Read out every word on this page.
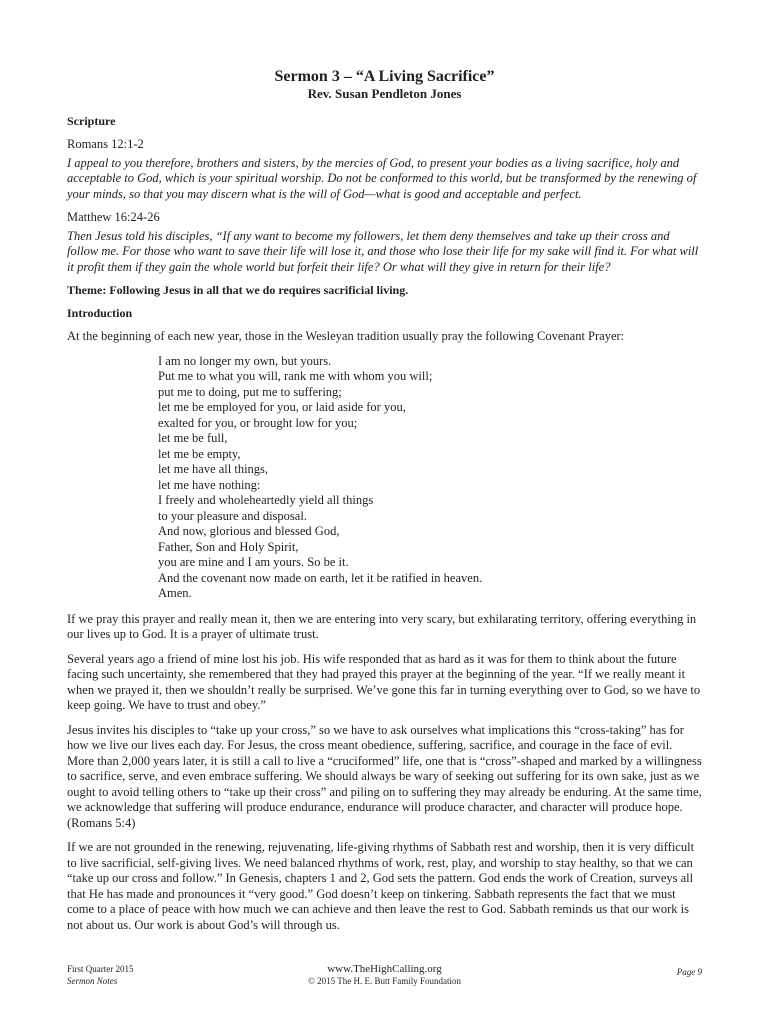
Sermon 3 – “A Living Sacrifice”
Rev. Susan Pendleton Jones
Scripture
Romans 12:1-2
I appeal to you therefore, brothers and sisters, by the mercies of God, to present your bodies as a living sacrifice, holy and acceptable to God, which is your spiritual worship. Do not be conformed to this world, but be transformed by the renewing of your minds, so that you may discern what is the will of God—what is good and acceptable and perfect.
Matthew 16:24-26
Then Jesus told his disciples, “If any want to become my followers, let them deny themselves and take up their cross and follow me. For those who want to save their life will lose it, and those who lose their life for my sake will find it. For what will it profit them if they gain the whole world but forfeit their life? Or what will they give in return for their life?
Theme: Following Jesus in all that we do requires sacrificial living.
Introduction
At the beginning of each new year, those in the Wesleyan tradition usually pray the following Covenant Prayer:
I am no longer my own, but yours.
Put me to what you will, rank me with whom you will;
put me to doing, put me to suffering;
let me be employed for you, or laid aside for you,
exalted for you, or brought low for you;
let me be full,
let me be empty,
let me have all things,
let me have nothing:
I freely and wholeheartedly yield all things
to your pleasure and disposal.
And now, glorious and blessed God,
Father, Son and Holy Spirit,
you are mine and I am yours. So be it.
And the covenant now made on earth, let it be ratified in heaven.
Amen.
If we pray this prayer and really mean it, then we are entering into very scary, but exhilarating territory, offering everything in our lives up to God. It is a prayer of ultimate trust.
Several years ago a friend of mine lost his job. His wife responded that as hard as it was for them to think about the future facing such uncertainty, she remembered that they had prayed this prayer at the beginning of the year. “If we really meant it when we prayed it, then we shouldn’t really be surprised. We’ve gone this far in turning everything over to God, so we have to keep going. We have to trust and obey.”
Jesus invites his disciples to “take up your cross,” so we have to ask ourselves what implications this “cross-taking” has for how we live our lives each day. For Jesus, the cross meant obedience, suffering, sacrifice, and courage in the face of evil. More than 2,000 years later, it is still a call to live a “cruciformed” life, one that is “cross”-shaped and marked by a willingness to sacrifice, serve, and even embrace suffering. We should always be wary of seeking out suffering for its own sake, just as we ought to avoid telling others to “take up their cross” and piling on to suffering they may already be enduring. At the same time, we acknowledge that suffering will produce endurance, endurance will produce character, and character will produce hope. (Romans 5:4)
If we are not grounded in the renewing, rejuvenating, life-giving rhythms of Sabbath rest and worship, then it is very difficult to live sacrificial, self-giving lives. We need balanced rhythms of work, rest, play, and worship to stay healthy, so that we can “take up our cross and follow.” In Genesis, chapters 1 and 2, God sets the pattern. God ends the work of Creation, surveys all that He has made and pronounces it “very good.” God doesn’t keep on tinkering. Sabbath represents the fact that we must come to a place of peace with how much we can achieve and then leave the rest to God. Sabbath reminds us that our work is not about us. Our work is about God’s will through us.
First Quarter 2015
Sermon Notes
www.TheHighCalling.org
© 2015 The H. E. Butt Family Foundation
Page 9
